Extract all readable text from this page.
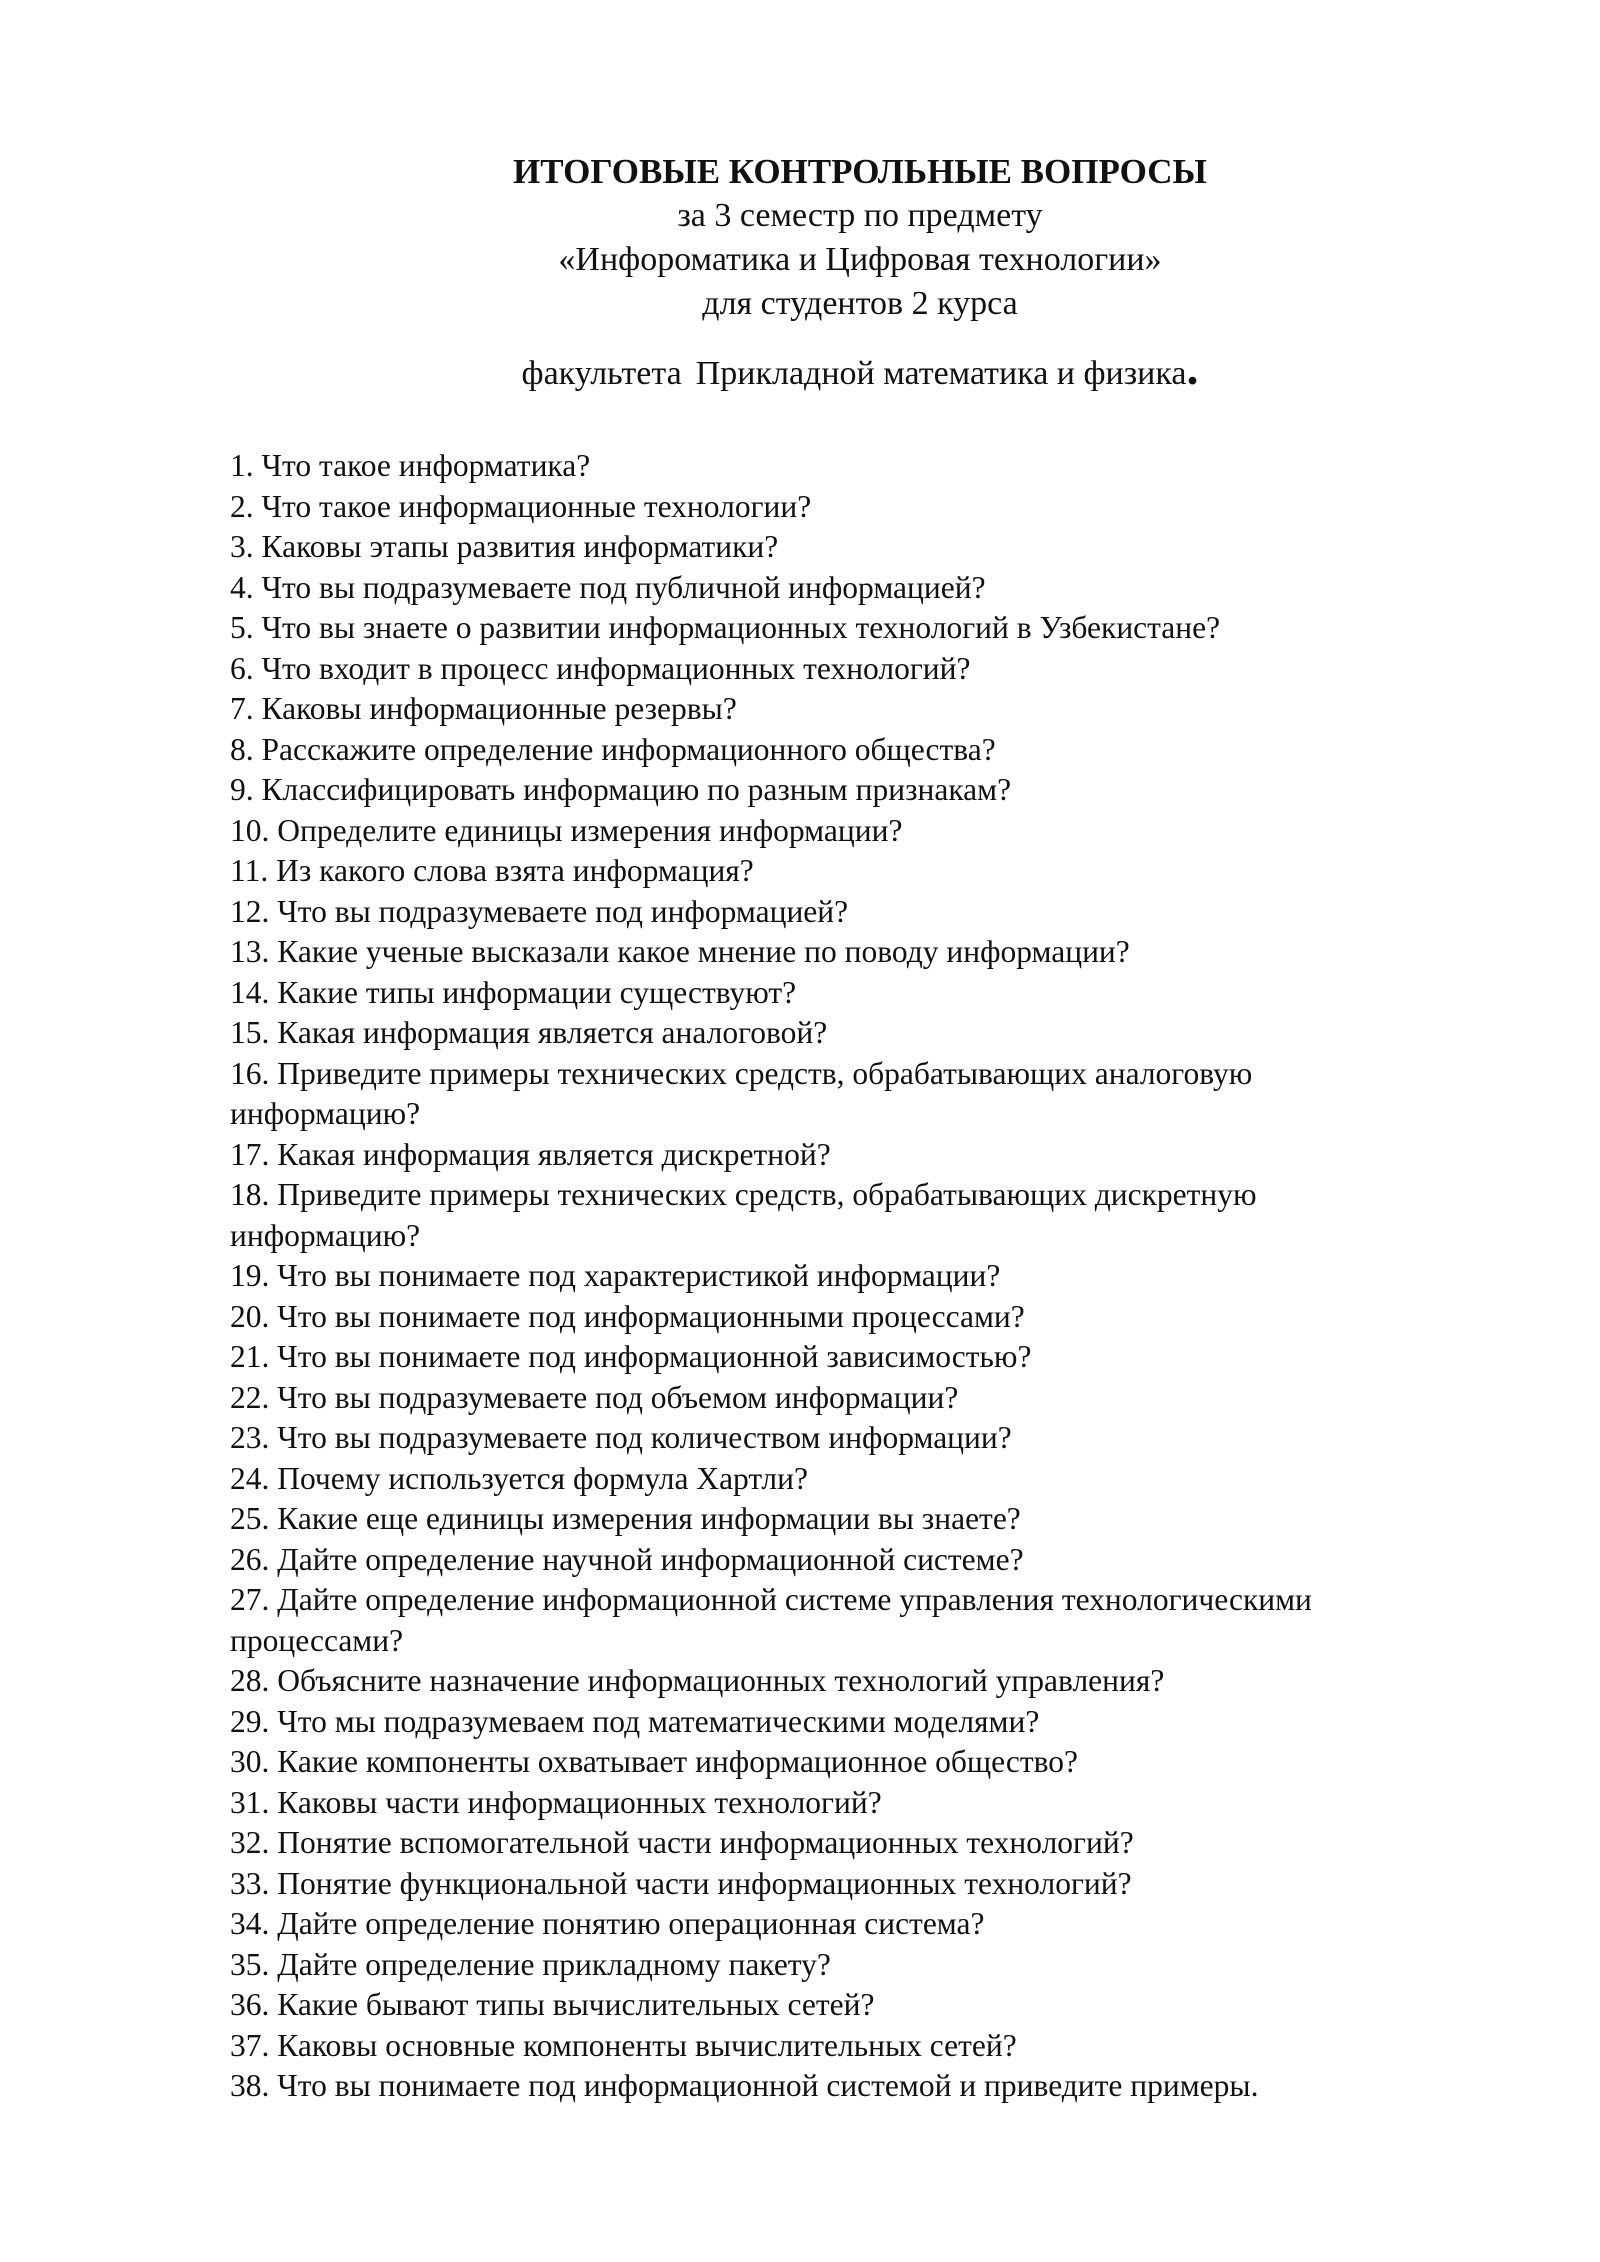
ИТОГОВЫЕ КОНТРОЛЬНЫЕ ВОПРОСЫ
за 3 семестр по предмету
«Инфороматика и Цифровая технологии»
для студентов 2 курса
факультета Прикладной математика и физика.
1. Что такое информатика?
2. Что такое информационные технологии?
3. Каковы этапы развития информатики?
4. Что вы подразумеваете под публичной информацией?
5. Что вы знаете о развитии информационных технологий в Узбекистане?
6. Что входит в процесс информационных технологий?
7. Каковы информационные резервы?
8. Расскажите определение информационного общества?
9. Классифицировать информацию по разным признакам?
10. Определите единицы измерения информации?
11. Из какого слова взята информация?
12. Что вы подразумеваете под информацией?
13. Какие ученые высказали какое мнение по поводу информации?
14. Какие типы информации существуют?
15. Какая информация является аналоговой?
16. Приведите примеры технических средств, обрабатывающих аналоговую
информацию?
17. Какая информация является дискретной?
18. Приведите примеры технических средств, обрабатывающих дискретную
информацию?
19. Что вы понимаете под характеристикой информации?
20. Что вы понимаете под информационными процессами?
21. Что вы понимаете под информационной зависимостью?
22. Что вы подразумеваете под объемом информации?
23. Что вы подразумеваете под количеством информации?
24. Почему используется формула Хартли?
25. Какие еще единицы измерения информации вы знаете?
26. Дайте определение научной информационной системе?
27. Дайте определение информационной системе управления технологическими
процессами?
28. Объясните назначение информационных технологий управления?
29. Что мы подразумеваем под математическими моделями?
30. Какие компоненты охватывает информационное общество?
31. Каковы части информационных технологий?
32. Понятие вспомогательной части информационных технологий?
33. Понятие функциональной части информационных технологий?
34. Дайте определение понятию операционная система?
35. Дайте определение прикладному пакету?
36. Какие бывают типы вычислительных сетей?
37. Каковы основные компоненты вычислительных сетей?
38. Что вы понимаете под информационной системой и приведите примеры.
